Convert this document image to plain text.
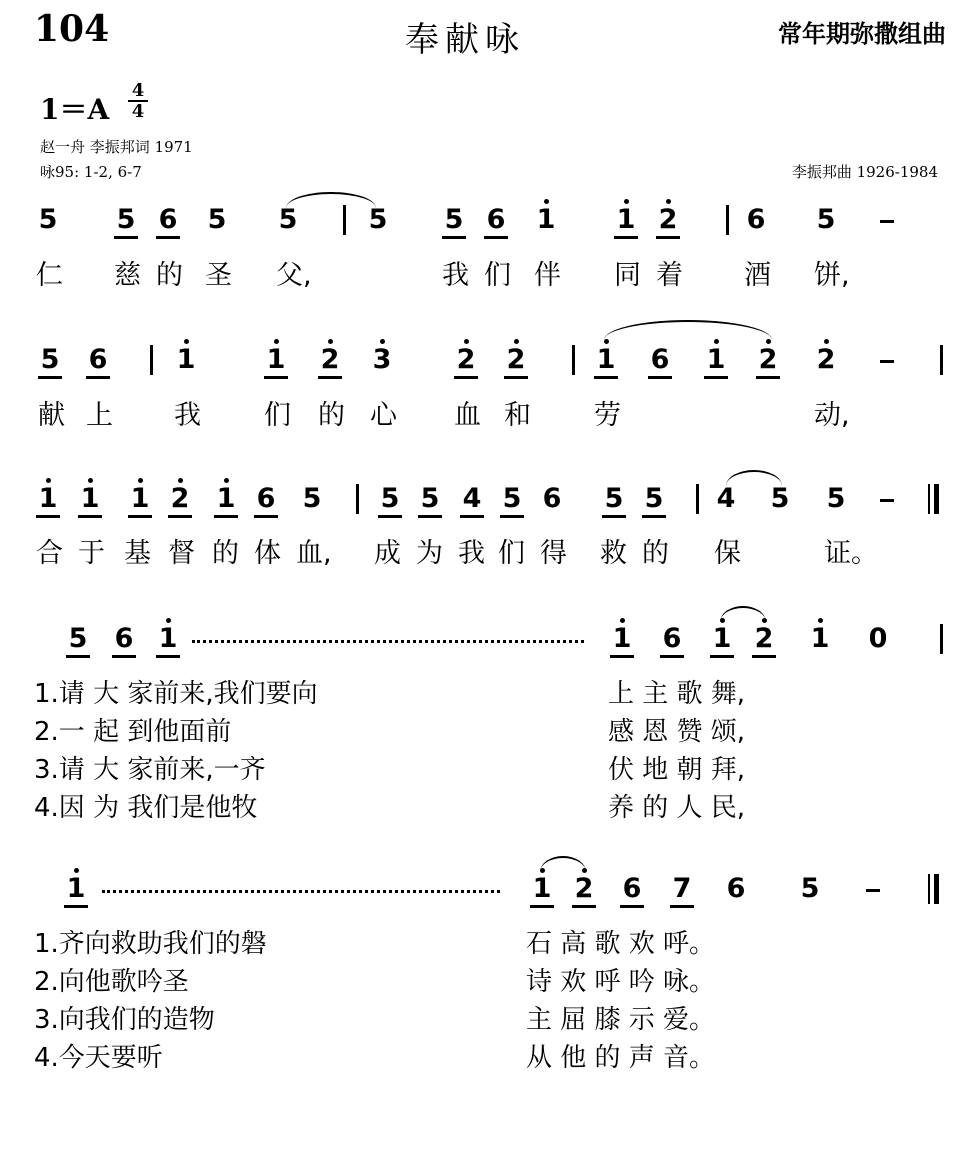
104	奉献咏	常年期弥撒组曲
1＝A
4
4
赵一舟 李振邦词 1971
咏95: 1-2, 6-7	李振邦曲 1926-1984
5 5 6 5 5	5 5 6 1 1 2	6 5
仁 慈 的 圣 父,	我 们 伴 同 着 酒 饼,
5 6	1	1 2 3 2 2	1 6 1 2 2
献 上 我 们 的 心 血 和 劳	动,
1 1 1 2 1 6 5 5 5 4 5 6 5 5 4 5 5
合 于 基 督 的 体 血, 成 为 我 们 得 救 的 保	证。
5 6 1	1 6 1 2 1 0
1.请 大 家前来,我们要向	上 主 歌 舞,
2.一 起 到他面前	感 恩 赞 颂,
3.请 大 家前来,一齐	伏 地 朝 拜,
4.因 为 我们是他牧	养 的 人 民,
1	1 2 6 7 6 5
1.齐向救助我们的磐	石 高 歌 欢 呼。
2.向他歌吟圣	诗 欢 呼 吟 咏。
3.向我们的造物	主 屈 膝 示 爱。
4.今天要听	从 他 的 声 音。
